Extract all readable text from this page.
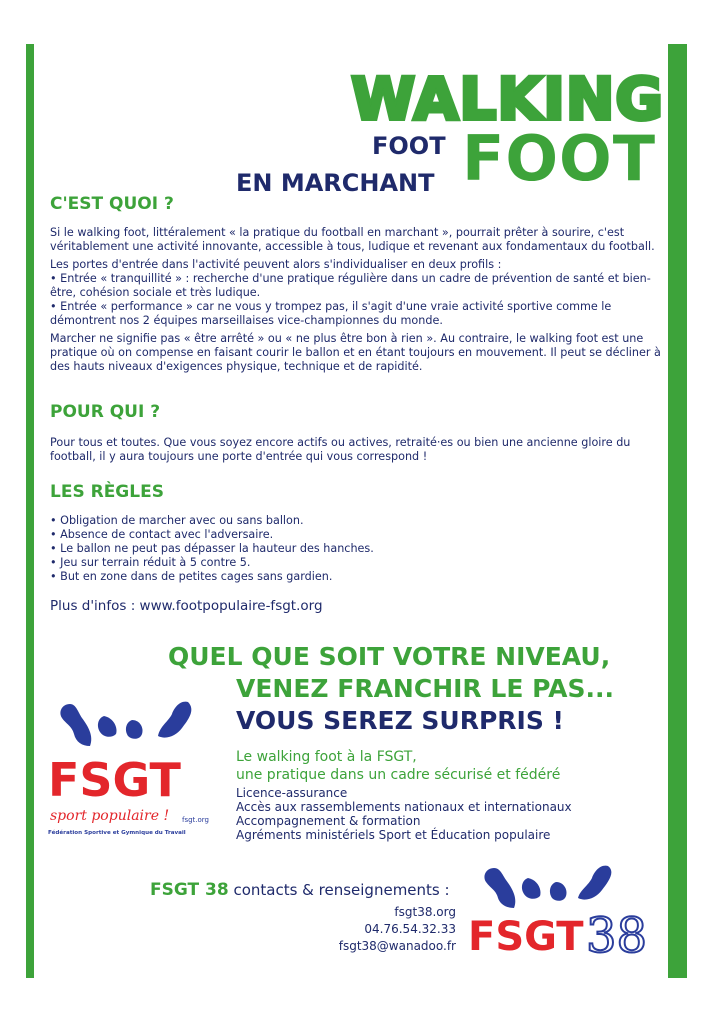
WALKING
FOOT
EN MARCHANT FOOT
C'EST QUOI ?

Si le walking foot, littéralement « la pratique du football en marchant », pourrait prêter à sourire, c'est véritablement une activité innovante, accessible à tous, ludique et revenant aux fondamentaux du football.

Les portes d'entrée dans l'activité peuvent alors s'individualiser en deux profils :

• Entrée « tranquillité » : recherche d'une pratique régulière dans un cadre de prévention de santé et bien-être, cohésion sociale et très ludique.

• Entrée « performance » car ne vous y trompez pas, il s'agit d'une vraie activité sportive comme le démontrent nos 2 équipes marseillaises vice-championnes du monde.

Marcher ne signifie pas « être arrêté » ou « ne plus être bon à rien ». Au contraire, le walking foot est une pratique où on compense en faisant courir le ballon et en étant toujours en mouvement. Il peut se décliner à des hauts niveaux d'exigences physique, technique et de rapidité.

POUR QUI ?

Pour tous et toutes. Que vous soyez encore actifs ou actives, retraité·es ou bien une ancienne gloire du football, il y aura toujours une porte d'entrée qui vous correspond !

LES RÈGLES
• Obligation de marcher avec ou sans ballon.
• Absence de contact avec l'adversaire.
• Le ballon ne peut pas dépasser la hauteur des hanches.
• Jeu sur terrain réduit à 5 contre 5.
• But en zone dans de petites cages sans gardien.
Plus d'infos : www.footpopulaire-fsgt.org
QUEL QUE SOIT VOTRE NIVEAU,
VENEZ FRANCHIR LE PAS...
VOUS SEREZ SURPRIS !
FSGT
sport populaire ! fsgt.org
Fédération Sportive et Gymnique du Travail
Le walking foot à la FSGT,
une pratique dans un cadre sécurisé et fédéré
Licence-assurance
Accès aux rassemblements nationaux et internationaux
Accompagnement & formation
Agréments ministériels Sport et Éducation populaire
FSGT 38 contacts & renseignements :
fsgt38.org
04.76.54.32.33
fsgt38@wanadoo.fr FSGT 38
